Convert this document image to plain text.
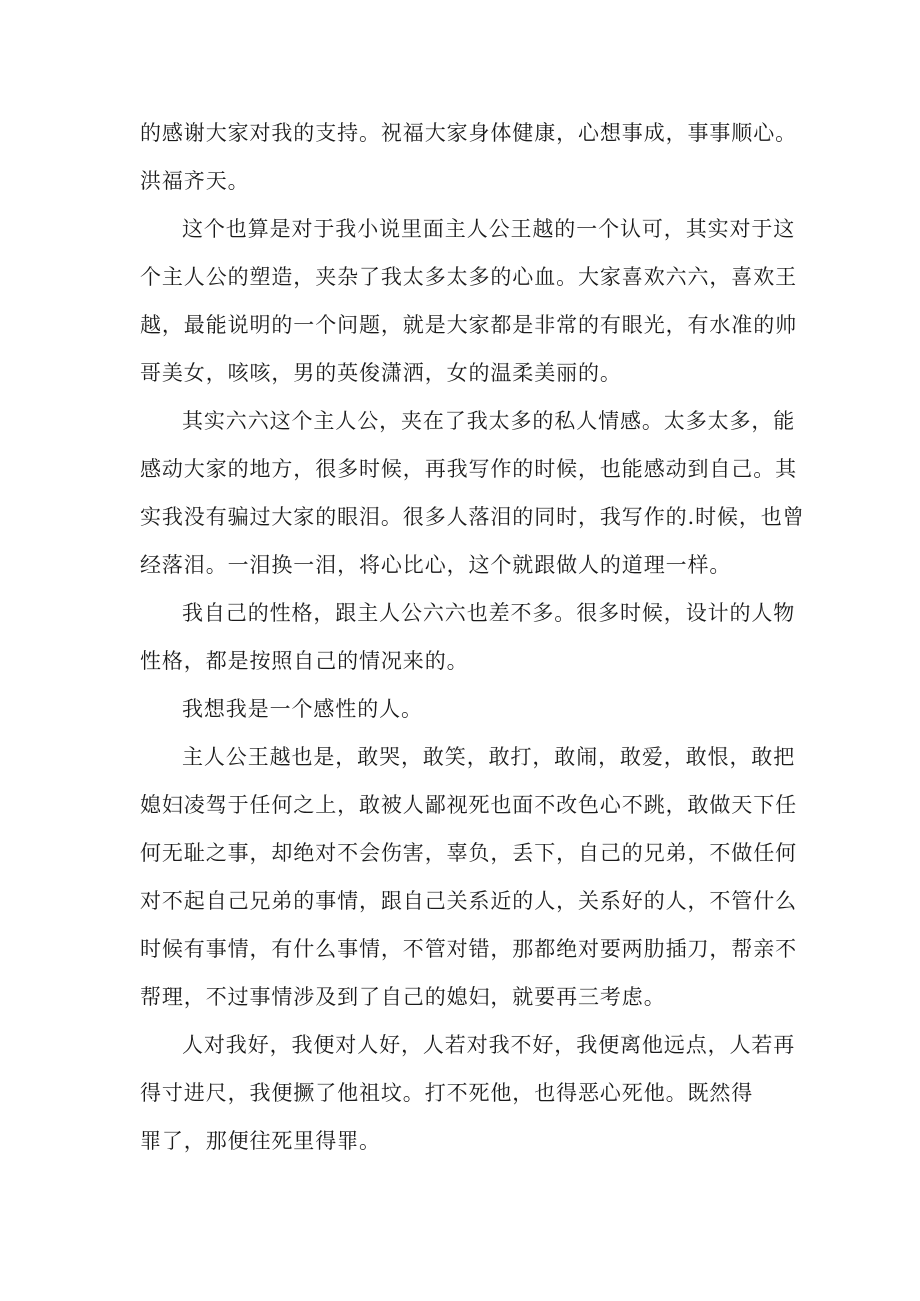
的感谢大家对我的支持。祝福大家身体健康，心想事成，事事顺心。
洪福齐天。
这个也算是对于我小说里面主人公王越的一个认可，其实对于这
个主人公的塑造，夹杂了我太多太多的心血。大家喜欢六六，喜欢王
越，最能说明的一个问题，就是大家都是非常的有眼光，有水准的帅
哥美女，咳咳，男的英俊潇洒，女的温柔美丽的。
其实六六这个主人公，夹在了我太多的私人情感。太多太多，能
感动大家的地方，很多时候，再我写作的时候，也能感动到自己。其
实我没有骗过大家的眼泪。很多人落泪的同时，我写作的.时候，也曾
经落泪。一泪换一泪，将心比心，这个就跟做人的道理一样。
我自己的性格，跟主人公六六也差不多。很多时候，设计的人物
性格，都是按照自己的情况来的。
我想我是一个感性的人。
主人公王越也是，敢哭，敢笑，敢打，敢闹，敢爱，敢恨，敢把
媳妇凌驾于任何之上，敢被人鄙视死也面不改色心不跳，敢做天下任
何无耻之事，却绝对不会伤害，辜负，丢下，自己的兄弟，不做任何
对不起自己兄弟的事情，跟自己关系近的人，关系好的人，不管什么
时候有事情，有什么事情，不管对错，那都绝对要两肋插刀，帮亲不
帮理，不过事情涉及到了自己的媳妇，就要再三考虑。
人对我好，我便对人好，人若对我不好，我便离他远点，人若再
得寸进尺，我便撅了他祖坟。打不死他，也得恶心死他。既然得
罪了，那便往死里得罪。
